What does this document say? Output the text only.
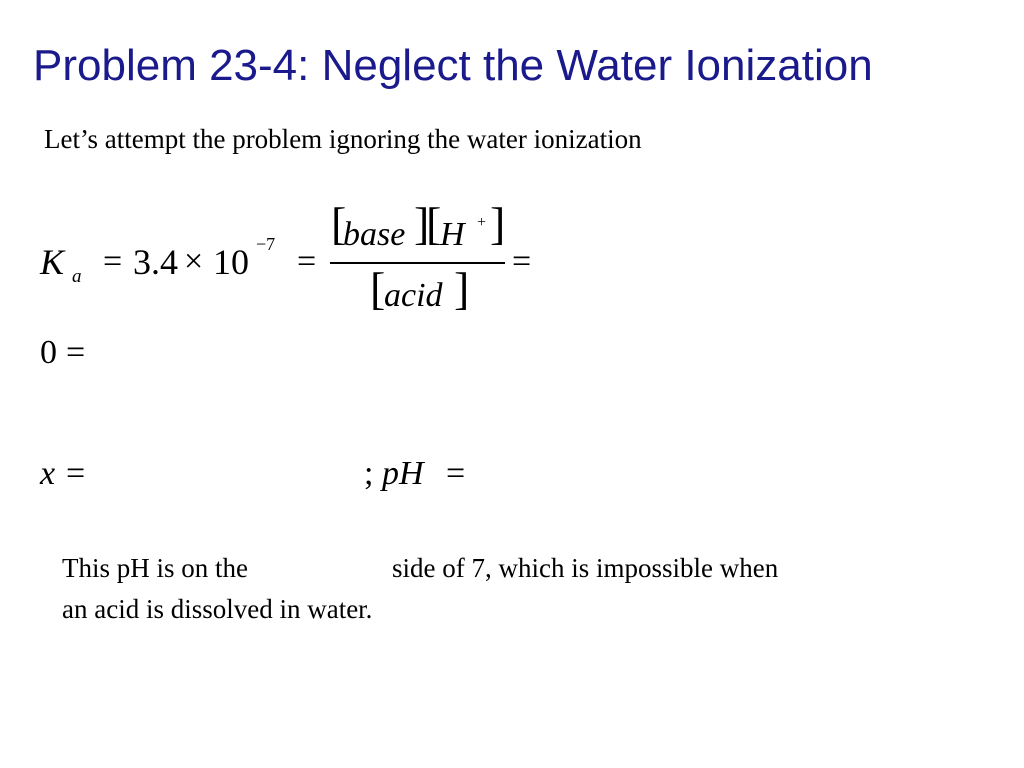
Problem 23-4: Neglect the Water Ionization
Let’s attempt the problem ignoring the water ionization
K a = 3.4 × 10 −7 =
[
base ]
[
H + ]
[
acid ]
=
0 =
x =	; pH =
This pH is on the	side of 7, which is impossible when
an acid is dissolved in water.
